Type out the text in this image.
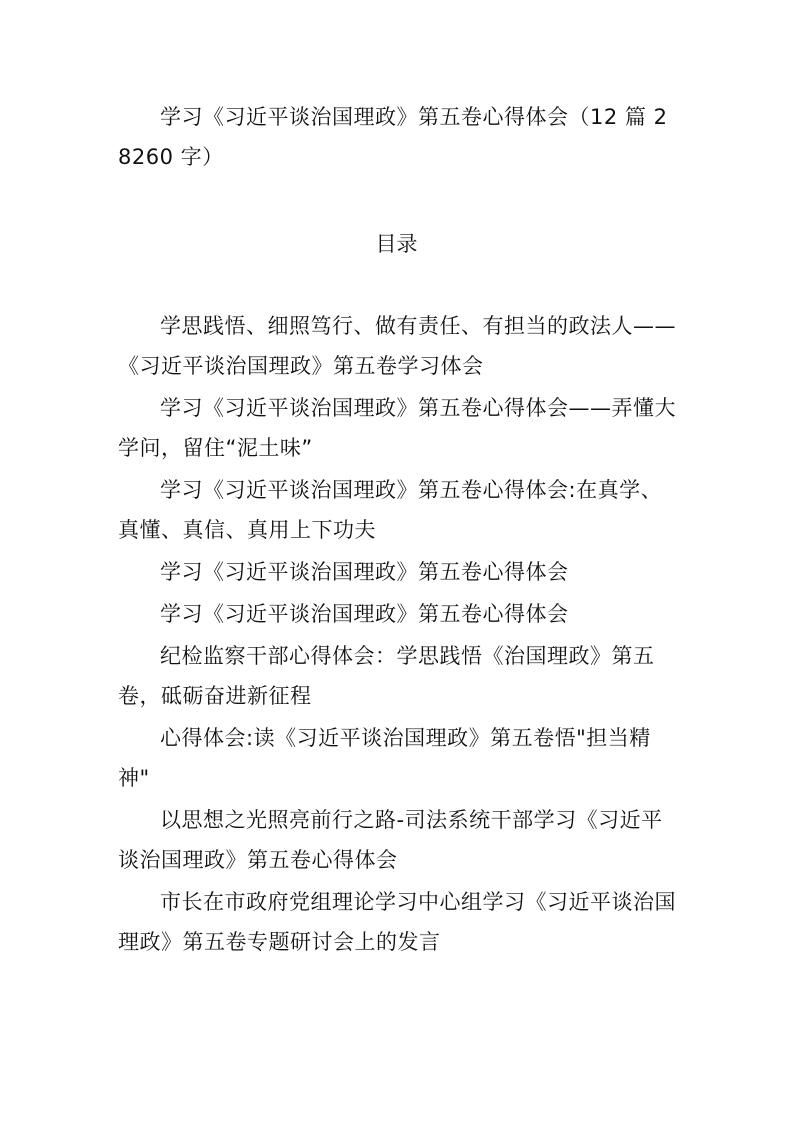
学习《习近平谈治国理政》第五卷心得体会（12 篇 28260 字）

目录

学思践悟、细照笃行、做有责任、有担当的政法人——《习近平谈治国理政》第五卷学习体会
学习《习近平谈治国理政》第五卷心得体会——弄懂大学问，留住“泥土味”
学习《习近平谈治国理政》第五卷心得体会:在真学、真懂、真信、真用上下功夫
学习《习近平谈治国理政》第五卷心得体会
学习《习近平谈治国理政》第五卷心得体会
纪检监察干部心得体会：学思践悟《治国理政》第五卷，砥砺奋进新征程
心得体会:读《习近平谈治国理政》第五卷悟"担当精神"
以思想之光照亮前行之路-司法系统干部学习《习近平谈治国理政》第五卷心得体会
市长在市政府党组理论学习中心组学习《习近平谈治国理政》第五卷专题研讨会上的发言
